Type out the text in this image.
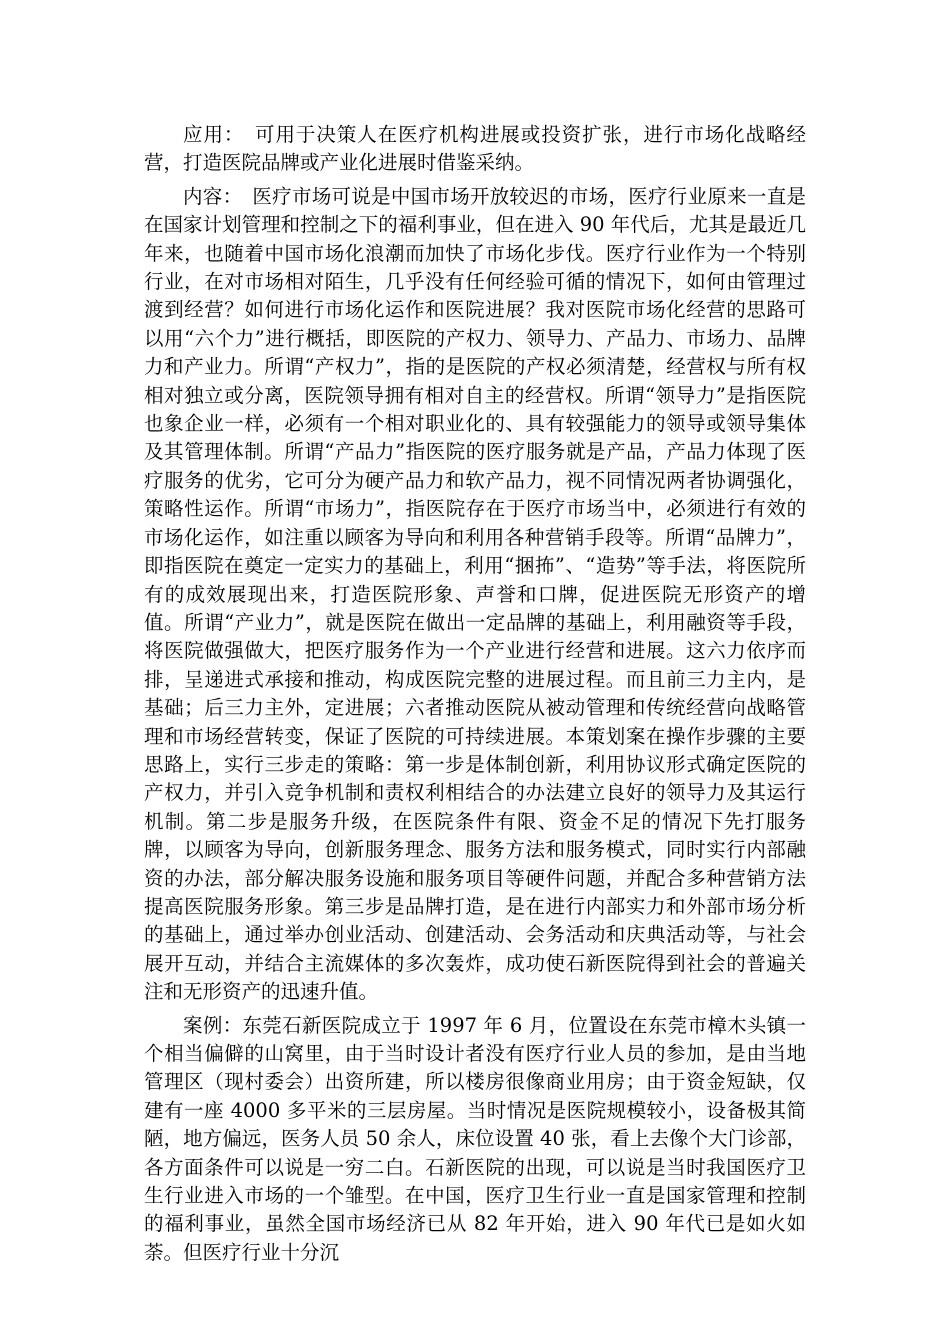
应用：　可用于决策人在医疗机构进展或投资扩张，进行市场化战略经营，打造医院品牌或产业化进展时借鉴采纳。

内容：　医疗市场可说是中国市场开放较迟的市场，医疗行业原来一直是在国家计划管理和控制之下的福利事业，但在进入 90 年代后，尤其是最近几年来，也随着中国市场化浪潮而加快了市场化步伐。医疗行业作为一个特别行业，在对市场相对陌生，几乎没有任何经验可循的情况下，如何由管理过渡到经营？如何进行市场化运作和医院进展？我对医院市场化经营的思路可以用“六个力”进行概括，即医院的产权力、领导力、产品力、市场力、品牌力和产业力。所谓“产权力”，指的是医院的产权必须清楚，经营权与所有权相对独立或分离，医院领导拥有相对自主的经营权。所谓“领导力”是指医院也象企业一样，必须有一个相对职业化的、具有较强能力的领导或领导集体及其管理体制。所谓“产品力”指医院的医疗服务就是产品，产品力体现了医疗服务的优劣，它可分为硬产品力和软产品力，视不同情况两者协调强化，策略性运作。所谓“市场力”，指医院存在于医疗市场当中，必须进行有效的市场化运作，如注重以顾客为导向和利用各种营销手段等。所谓“品牌力”，即指医院在奠定一定实力的基础上，利用“捆抪”、“造势”等手法，将医院所有的成效展现出来，打造医院形象、声誉和口牌，促进医院无形资产的增值。所谓“产业力”，就是医院在做出一定品牌的基础上，利用融资等手段，将医院做强做大，把医疗服务作为一个产业进行经营和进展。这六力依序而排，呈递进式承接和推动，构成医院完整的进展过程。而且前三力主内，是基础；后三力主外，定进展；六者推动医院从被动管理和传统经营向战略管理和市场经营转变，保证了医院的可持续进展。本策划案在操作步骤的主要思路上，实行三步走的策略：第一步是体制创新，利用协议形式确定医院的产权力，并引入竞争机制和责权利相结合的办法建立良好的领导力及其运行机制。第二步是服务升级，在医院条件有限、资金不足的情况下先打服务牌，以顾客为导向，创新服务理念、服务方法和服务模式，同时实行内部融资的办法，部分解决服务设施和服务项目等硬件问题，并配合多种营销方法提高医院服务形象。第三步是品牌打造，是在进行内部实力和外部市场分析的基础上，通过举办创业活动、创建活动、会务活动和庆典活动等，与社会展开互动，并结合主流媒体的多次轰炸，成功使石新医院得到社会的普遍关注和无形资产的迅速升值。

案例：东莞石新医院成立于 1997 年 6 月，位置设在东莞市樟木头镇一个相当偏僻的山窝里，由于当时设计者没有医疗行业人员的参加，是由当地管理区（现村委会）出资所建，所以楼房很像商业用房；由于资金短缺，仅建有一座 4000 多平米的三层房屋。当时情况是医院规模较小，设备极其简陋，地方偏远，医务人员 50 余人，床位设置 40 张，看上去像个大门诊部，各方面条件可以说是一穷二白。石新医院的出现，可以说是当时我国医疗卫生行业进入市场的一个雏型。在中国，医疗卫生行业一直是国家管理和控制的福利事业，虽然全国市场经济已从 82 年开始，进入 90 年代已是如火如荼。但医疗行业十分沉
